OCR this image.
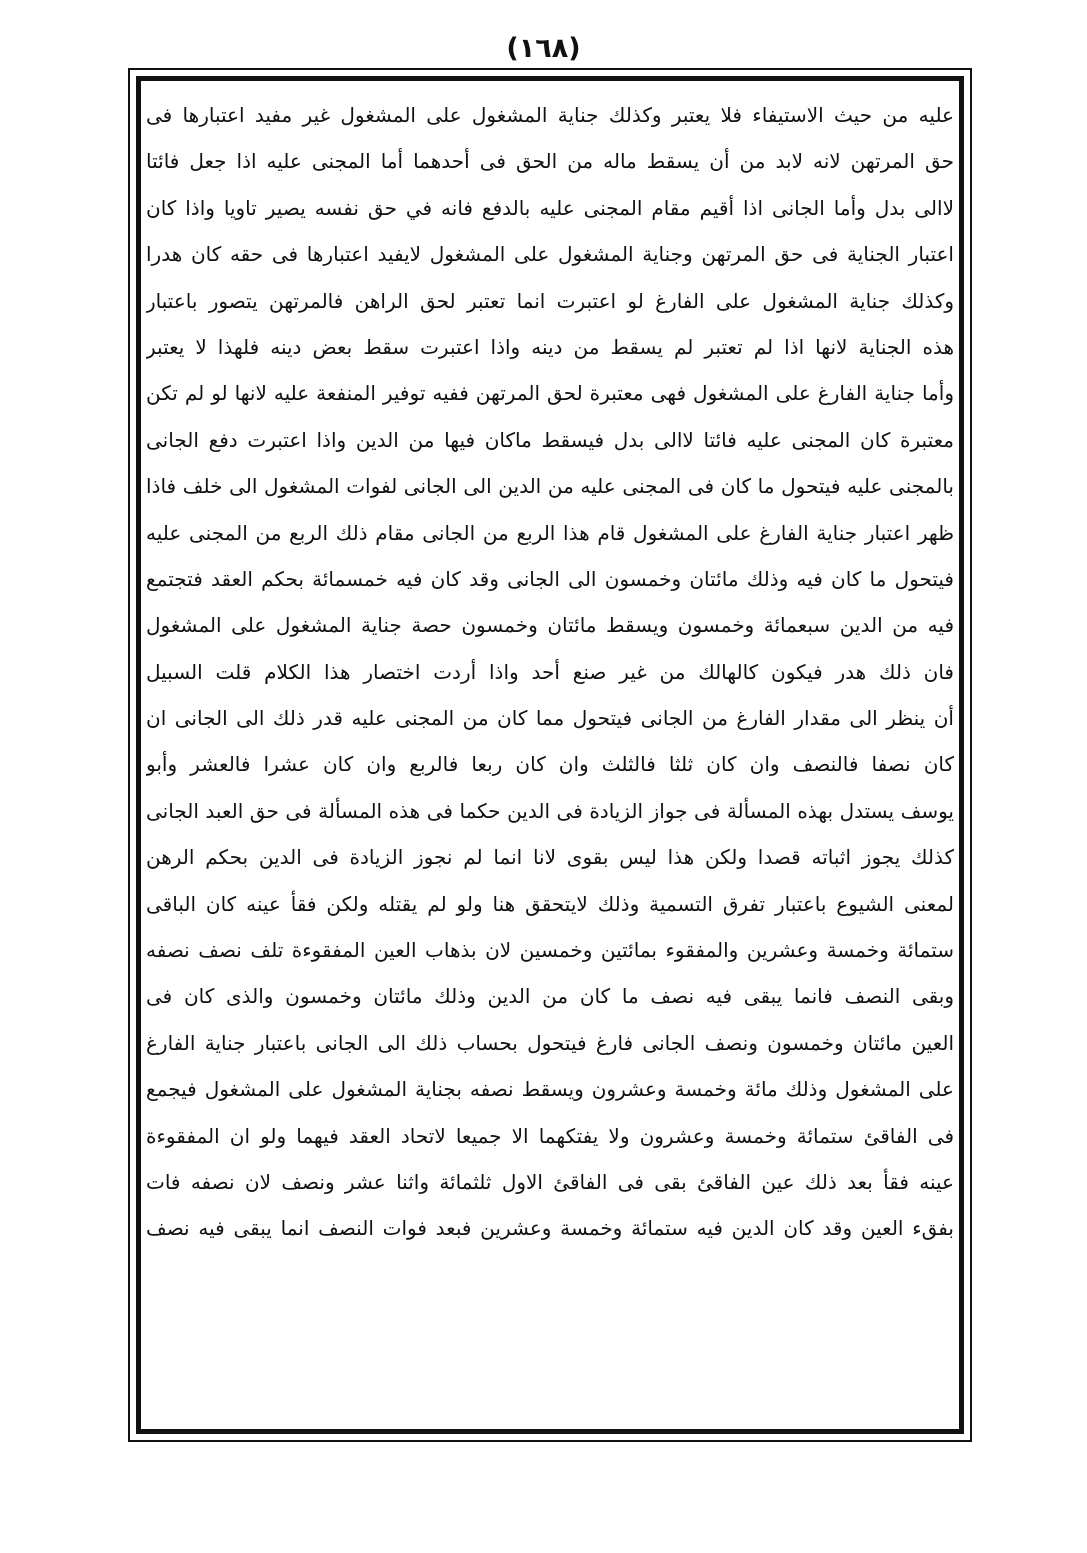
(١٦٨)
عليه من حيث الاستيفاء فلا يعتبر وكذلك جناية المشغول على المشغول غير مفيد اعتبارها فى
حق المرتهن لانه لابد من أن يسقط ماله من الحق فى أحدهما أما المجنى عليه اذا جعل فائتا
لاالى بدل وأما الجانى اذا أقيم مقام المجنى عليه بالدفع فانه في حق نفسه يصير تاويا واذا كان
اعتبار الجناية فى حق المرتهن وجناية المشغول على المشغول لايفيد اعتبارها فى حقه كان هدرا
وكذلك جناية المشغول على الفارغ لو اعتبرت انما تعتبر لحق الراهن فالمرتهن يتصور باعتبار
هذه الجناية لانها اذا لم تعتبر لم يسقط من دينه واذا اعتبرت سقط بعض دينه فلهذا لا يعتبر
وأما جناية الفارغ على المشغول فهى معتبرة لحق المرتهن ففيه توفير المنفعة عليه لانها لو لم تكن
معتبرة كان المجنى عليه فائتا لاالى بدل فيسقط ماكان فيها من الدين واذا اعتبرت دفع الجانى
بالمجنى عليه فيتحول ما كان فى المجنى عليه من الدين الى الجانى لفوات المشغول الى خلف فاذا
ظهر اعتبار جناية الفارغ على المشغول قام هذا الربع من الجانى مقام ذلك الربع من المجنى عليه
فيتحول ما كان فيه وذلك مائتان وخمسون الى الجانى وقد كان فيه خمسمائة بحكم العقد فتجتمع
فيه من الدين سبعمائة وخمسون ويسقط مائتان وخمسون حصة جناية المشغول على المشغول
فان ذلك هدر فيكون كالهالك من غير صنع أحد واذا أردت اختصار هذا الكلام قلت السبيل
أن ينظر الى مقدار الفارغ من الجانى فيتحول مما كان من المجنى عليه قدر ذلك الى الجانى ان
كان نصفا فالنصف وان كان ثلثا فالثلث وان كان ربعا فالربع وان كان عشرا فالعشر وأبو
يوسف يستدل بهذه المسألة فى جواز الزيادة فى الدين حكما فى هذه المسألة فى حق العبد الجانى
كذلك يجوز اثباته قصدا ولكن هذا ليس بقوى لانا انما لم نجوز الزيادة فى الدين بحكم الرهن
لمعنى الشيوع باعتبار تفرق التسمية وذلك لايتحقق هنا ولو لم يقتله ولكن فقأ عينه كان الباقى
ستمائة وخمسة وعشرين والمفقوء بمائتين وخمسين لان بذهاب العين المفقوءة تلف نصف نصفه
وبقى النصف فانما يبقى فيه نصف ما كان من الدين وذلك مائتان وخمسون والذى كان فى
العين مائتان وخمسون ونصف الجانى فارغ فيتحول بحساب ذلك الى الجانى باعتبار جناية الفارغ
على المشغول وذلك مائة وخمسة وعشرون ويسقط نصفه بجناية المشغول على المشغول فيجمع
فى الفاقئ ستمائة وخمسة وعشرون ولا يفتكهما الا جميعا لاتحاد العقد فيهما ولو ان المفقوءة
عينه فقأ بعد ذلك عين الفاقئ بقى فى الفاقئ الاول ثلثمائة واثنا عشر ونصف لان نصفه فات
بفقء العين وقد كان الدين فيه ستمائة وخمسة وعشرين فبعد فوات النصف انما يبقى فيه نصف
